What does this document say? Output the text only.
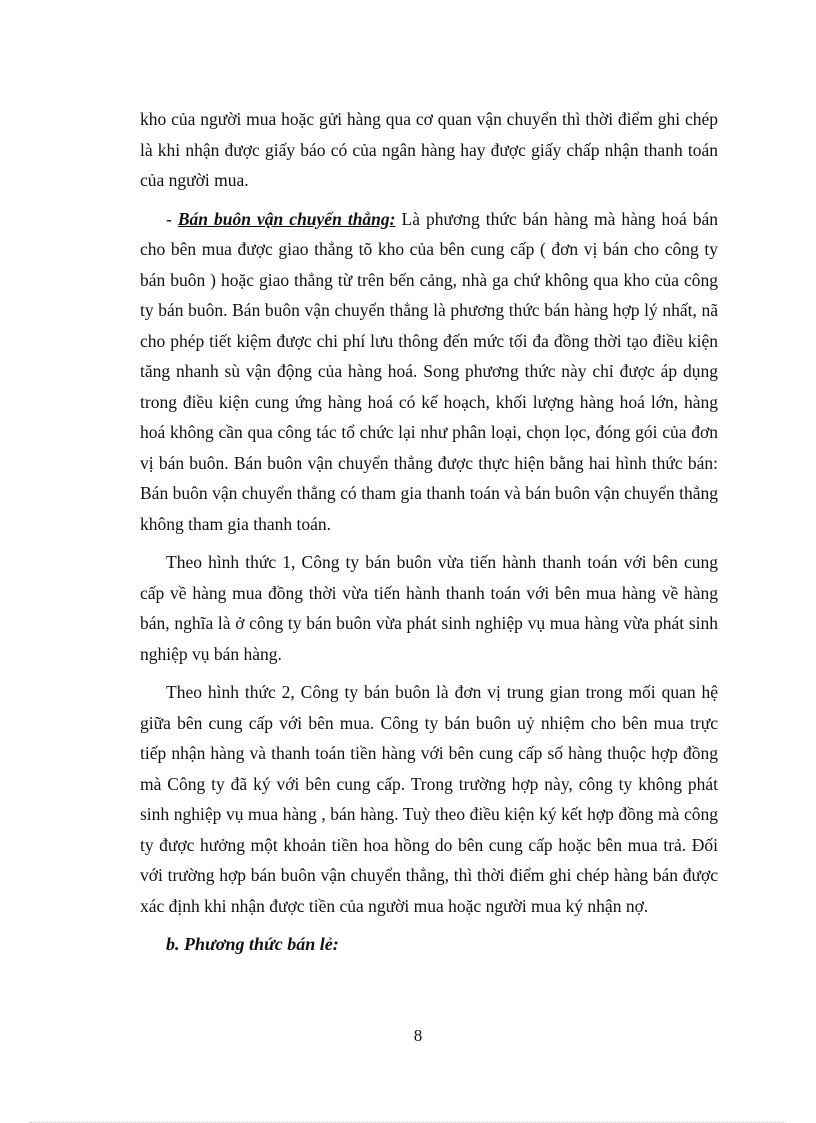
kho của người mua hoặc gửi hàng qua cơ quan vận chuyển thì thời điểm ghi chép là khi nhận được giấy báo có của ngân hàng hay được giấy chấp nhận thanh toán của người mua.

- Bán buôn vận chuyển thẳng: Là phương thức bán hàng mà hàng hoá bán cho bên mua được giao thẳng tõ kho của bên cung cấp ( đơn vị bán cho công ty bán buôn ) hoặc giao thẳng từ trên bến cảng, nhà ga chứ không qua kho của công ty bán buôn. Bán buôn vận chuyển thẳng là phương thức bán hàng hợp lý nhất, nã cho phép tiết kiệm được chi phí lưu thông đến mức tối đa đồng thời tạo điều kiện tăng nhanh sù vận động của hàng hoá. Song phương thức này chỉ được áp dụng trong điều kiện cung ứng hàng hoá có kế hoạch, khối lượng hàng hoá lớn, hàng hoá không cần qua công tác tổ chức lại như phân loại, chọn lọc, đóng gói của đơn vị bán buôn. Bán buôn vận chuyển thẳng được thực hiện bằng hai hình thức bán: Bán buôn vận chuyển thẳng có tham gia thanh toán và bán buôn vận chuyển thẳng không tham gia thanh toán.

Theo hình thức 1, Công ty bán buôn vừa tiến hành thanh toán với bên cung cấp về hàng mua đồng thời vừa tiến hành thanh toán với bên mua hàng về hàng bán, nghĩa là ở công ty bán buôn vừa phát sinh nghiệp vụ mua hàng vừa phát sinh nghiệp vụ bán hàng.

Theo hình thức 2, Công ty bán buôn là đơn vị trung gian trong mối quan hệ giữa bên cung cấp với bên mua. Công ty bán buôn uỷ nhiệm cho bên mua trực tiếp nhận hàng và thanh toán tiền hàng với bên cung cấp số hàng thuộc hợp đồng mà Công ty đã ký với bên cung cấp. Trong trường hợp này, công ty không phát sinh nghiệp vụ mua hàng , bán hàng. Tuỳ theo điều kiện ký kết hợp đồng mà công ty được hưởng một khoản tiền hoa hồng do bên cung cấp hoặc bên mua trả. Đối với trường hợp bán buôn vận chuyển thẳng, thì thời điểm ghi chép hàng bán được xác định khi nhận được tiền của người mua hoặc người mua ký nhận nợ.

b. Phương thức bán lẻ:
8
